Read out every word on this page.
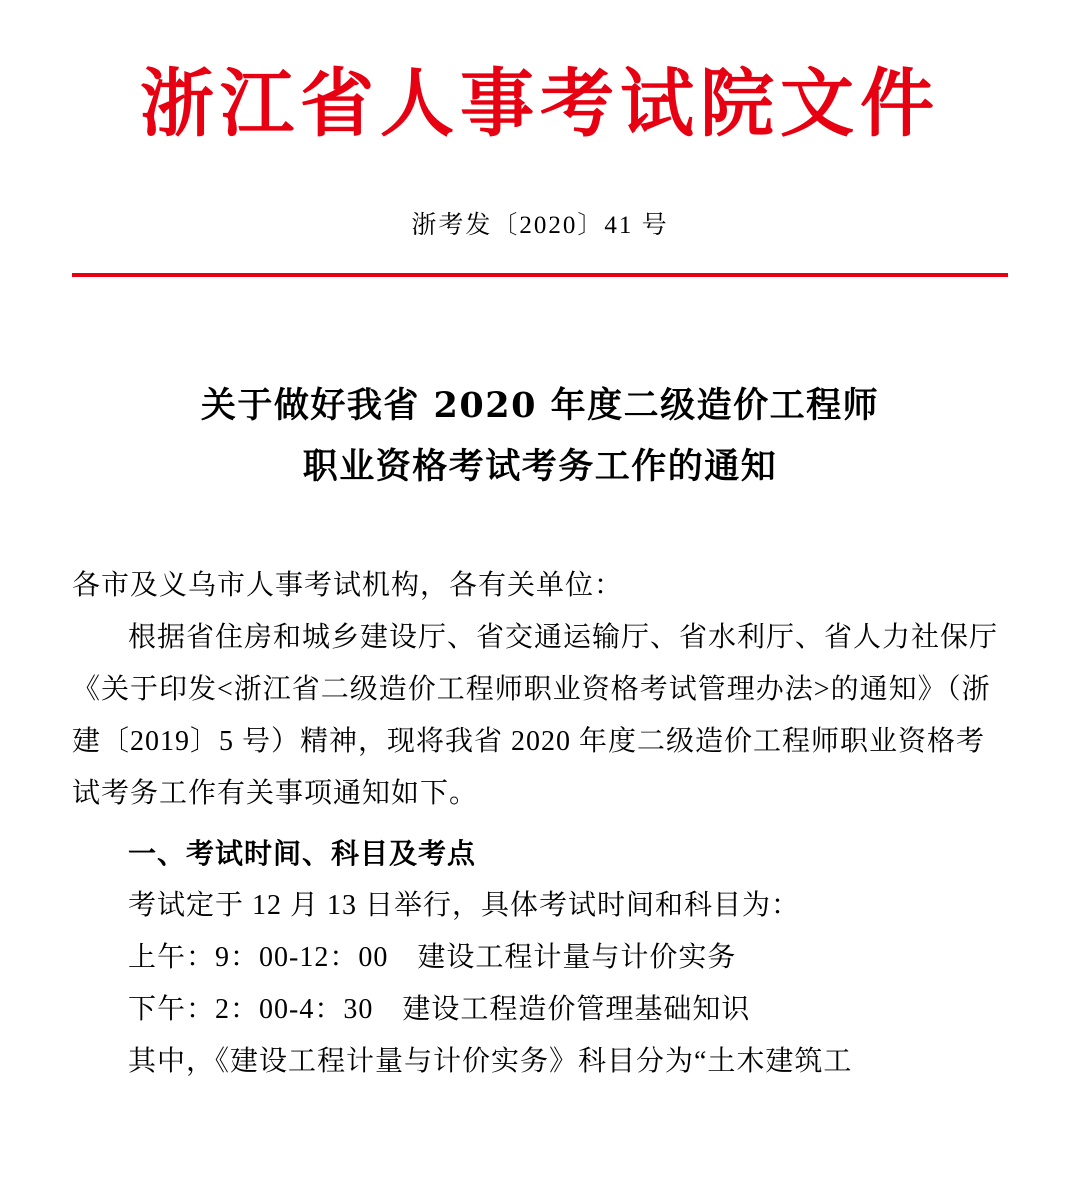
浙江省人事考试院文件
浙考发〔2020〕41 号
关于做好我省 2020 年度二级造价工程师
职业资格考试考务工作的通知

各市及义乌市人事考试机构，各有关单位：

根据省住房和城乡建设厅、省交通运输厅、省水利厅、省人力社保厅《关于印发<浙江省二级造价工程师职业资格考试管理办法>的通知》（浙建〔2019〕5 号）精神，现将我省 2020 年度二级造价工程师职业资格考试考务工作有关事项通知如下。

一、考试时间、科目及考点

考试定于 12 月 13 日举行，具体考试时间和科目为：

上午：9：00-12：00　建设工程计量与计价实务

下午：2：00-4：30　建设工程造价管理基础知识

其中，《建设工程计量与计价实务》科目分为“土木建筑工
